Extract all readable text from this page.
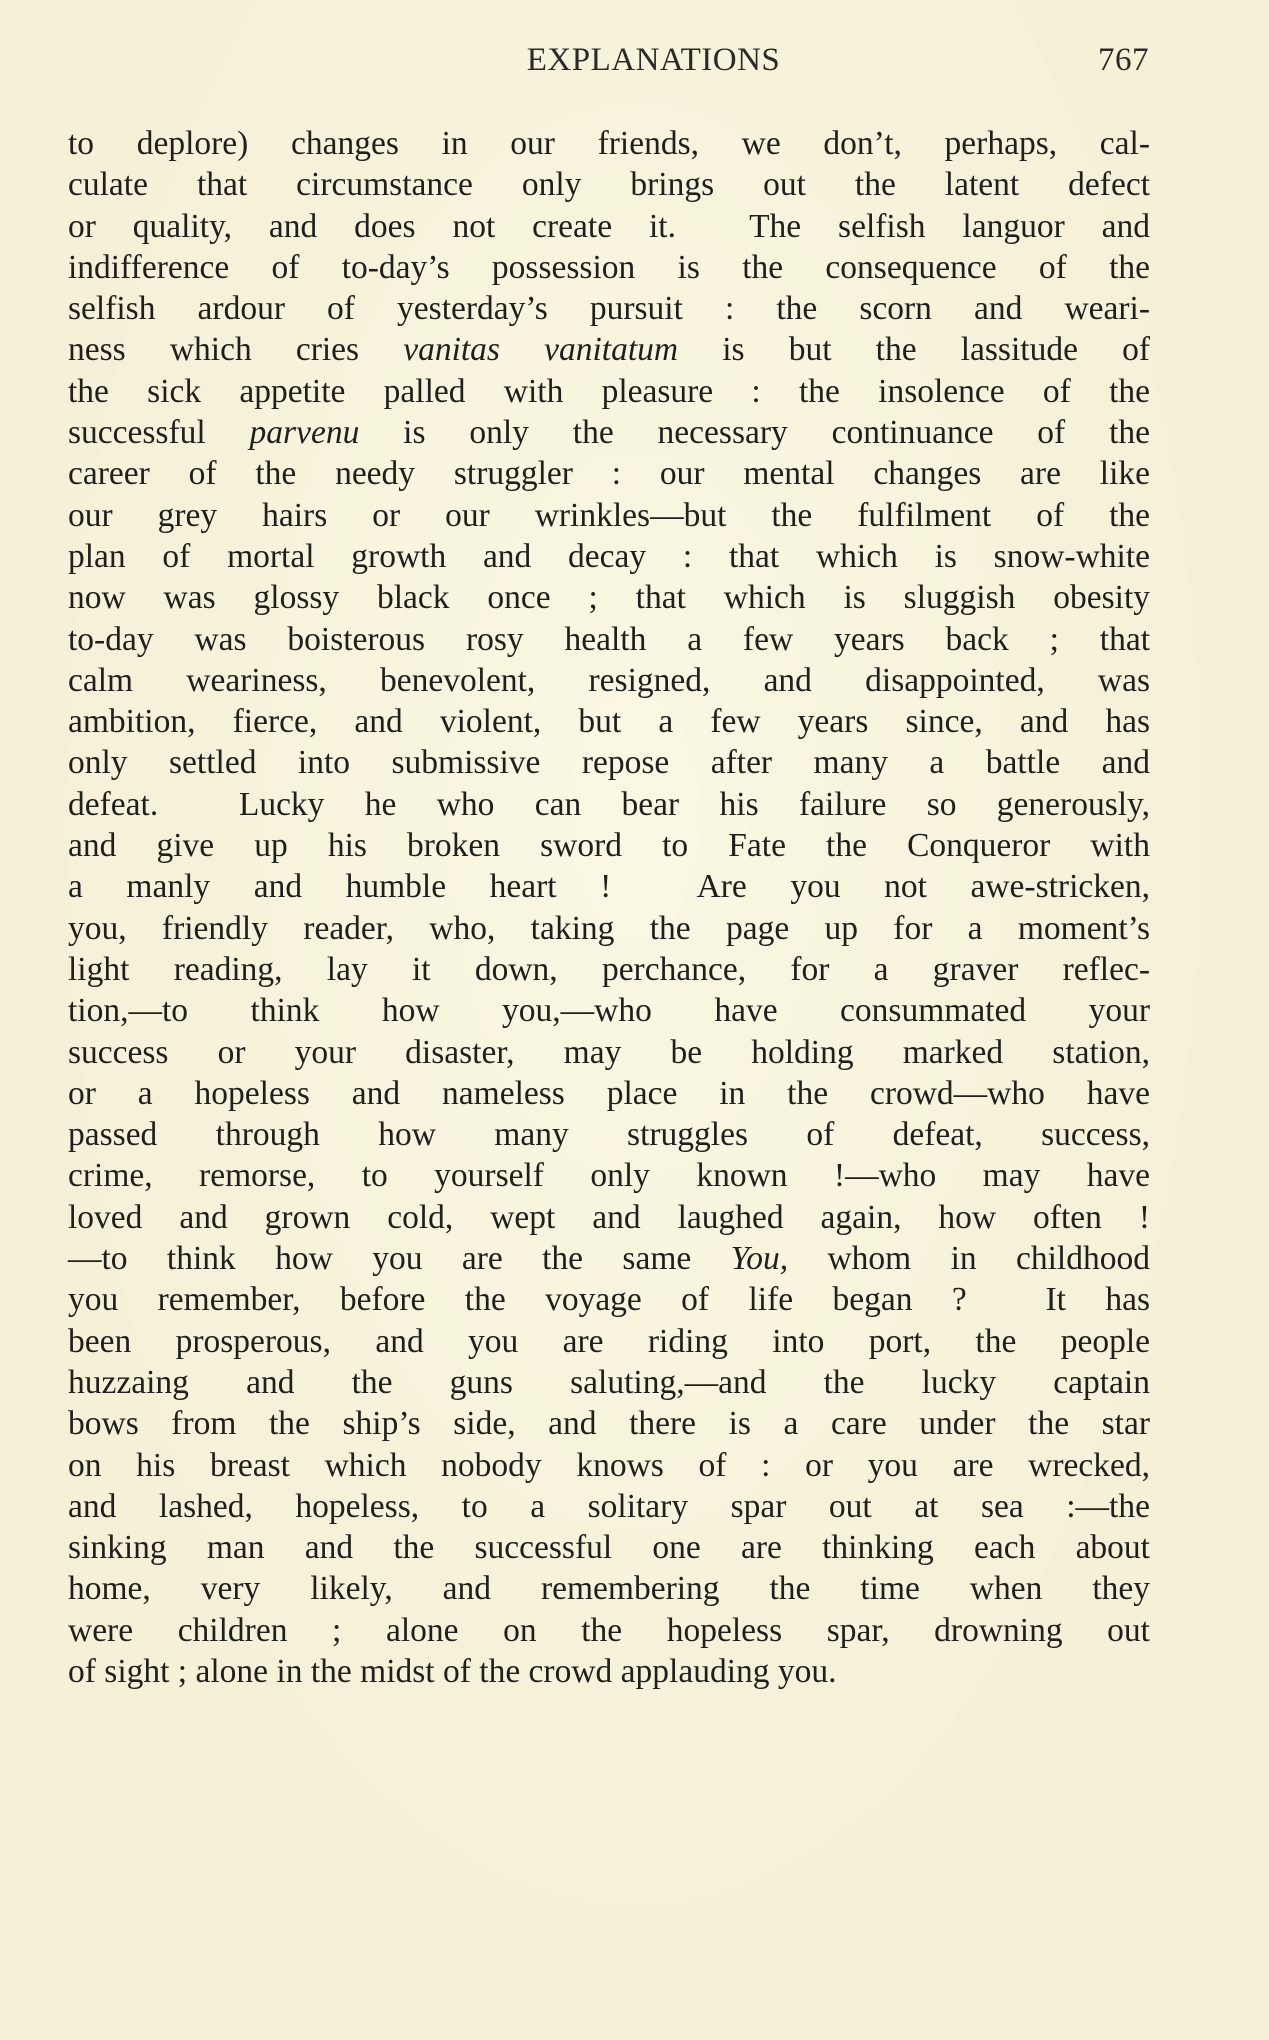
EXPLANATIONS	767
to deplore) changes in our friends, we don’t, perhaps, cal-
culate that circumstance only brings out the latent defect
or quality, and does not create it.  The selfish languor and
indifference of to-day’s possession is the consequence of the
selfish ardour of yesterday’s pursuit : the scorn and weari-
ness which cries vanitas vanitatum is but the lassitude of
the sick appetite palled with pleasure : the insolence of the
successful parvenu is only the necessary continuance of the
career of the needy struggler : our mental changes are like
our grey hairs or our wrinkles—but the fulfilment of the
plan of mortal growth and decay : that which is snow-white
now was glossy black once ; that which is sluggish obesity
to-day was boisterous rosy health a few years back ; that
calm weariness, benevolent, resigned, and disappointed, was
ambition, fierce, and violent, but a few years since, and has
only settled into submissive repose after many a battle and
defeat.  Lucky he who can bear his failure so generously,
and give up his broken sword to Fate the Conqueror with
a manly and humble heart !  Are you not awe-stricken,
you, friendly reader, who, taking the page up for a moment’s
light reading, lay it down, perchance, for a graver reflec-
tion,—to think how you,—who have consummated your
success or your disaster, may be holding marked station,
or a hopeless and nameless place in the crowd—who have
passed through how many struggles of defeat, success,
crime, remorse, to yourself only known !—who may have
loved and grown cold, wept and laughed again, how often !
—to think how you are the same You, whom in childhood
you remember, before the voyage of life began ?  It has
been prosperous, and you are riding into port, the people
huzzaing and the guns saluting,—and the lucky captain
bows from the ship’s side, and there is a care under the star
on his breast which nobody knows of : or you are wrecked,
and lashed, hopeless, to a solitary spar out at sea :—the
sinking man and the successful one are thinking each about
home, very likely, and remembering the time when they
were children ; alone on the hopeless spar, drowning out
of sight ; alone in the midst of the crowd applauding you.
